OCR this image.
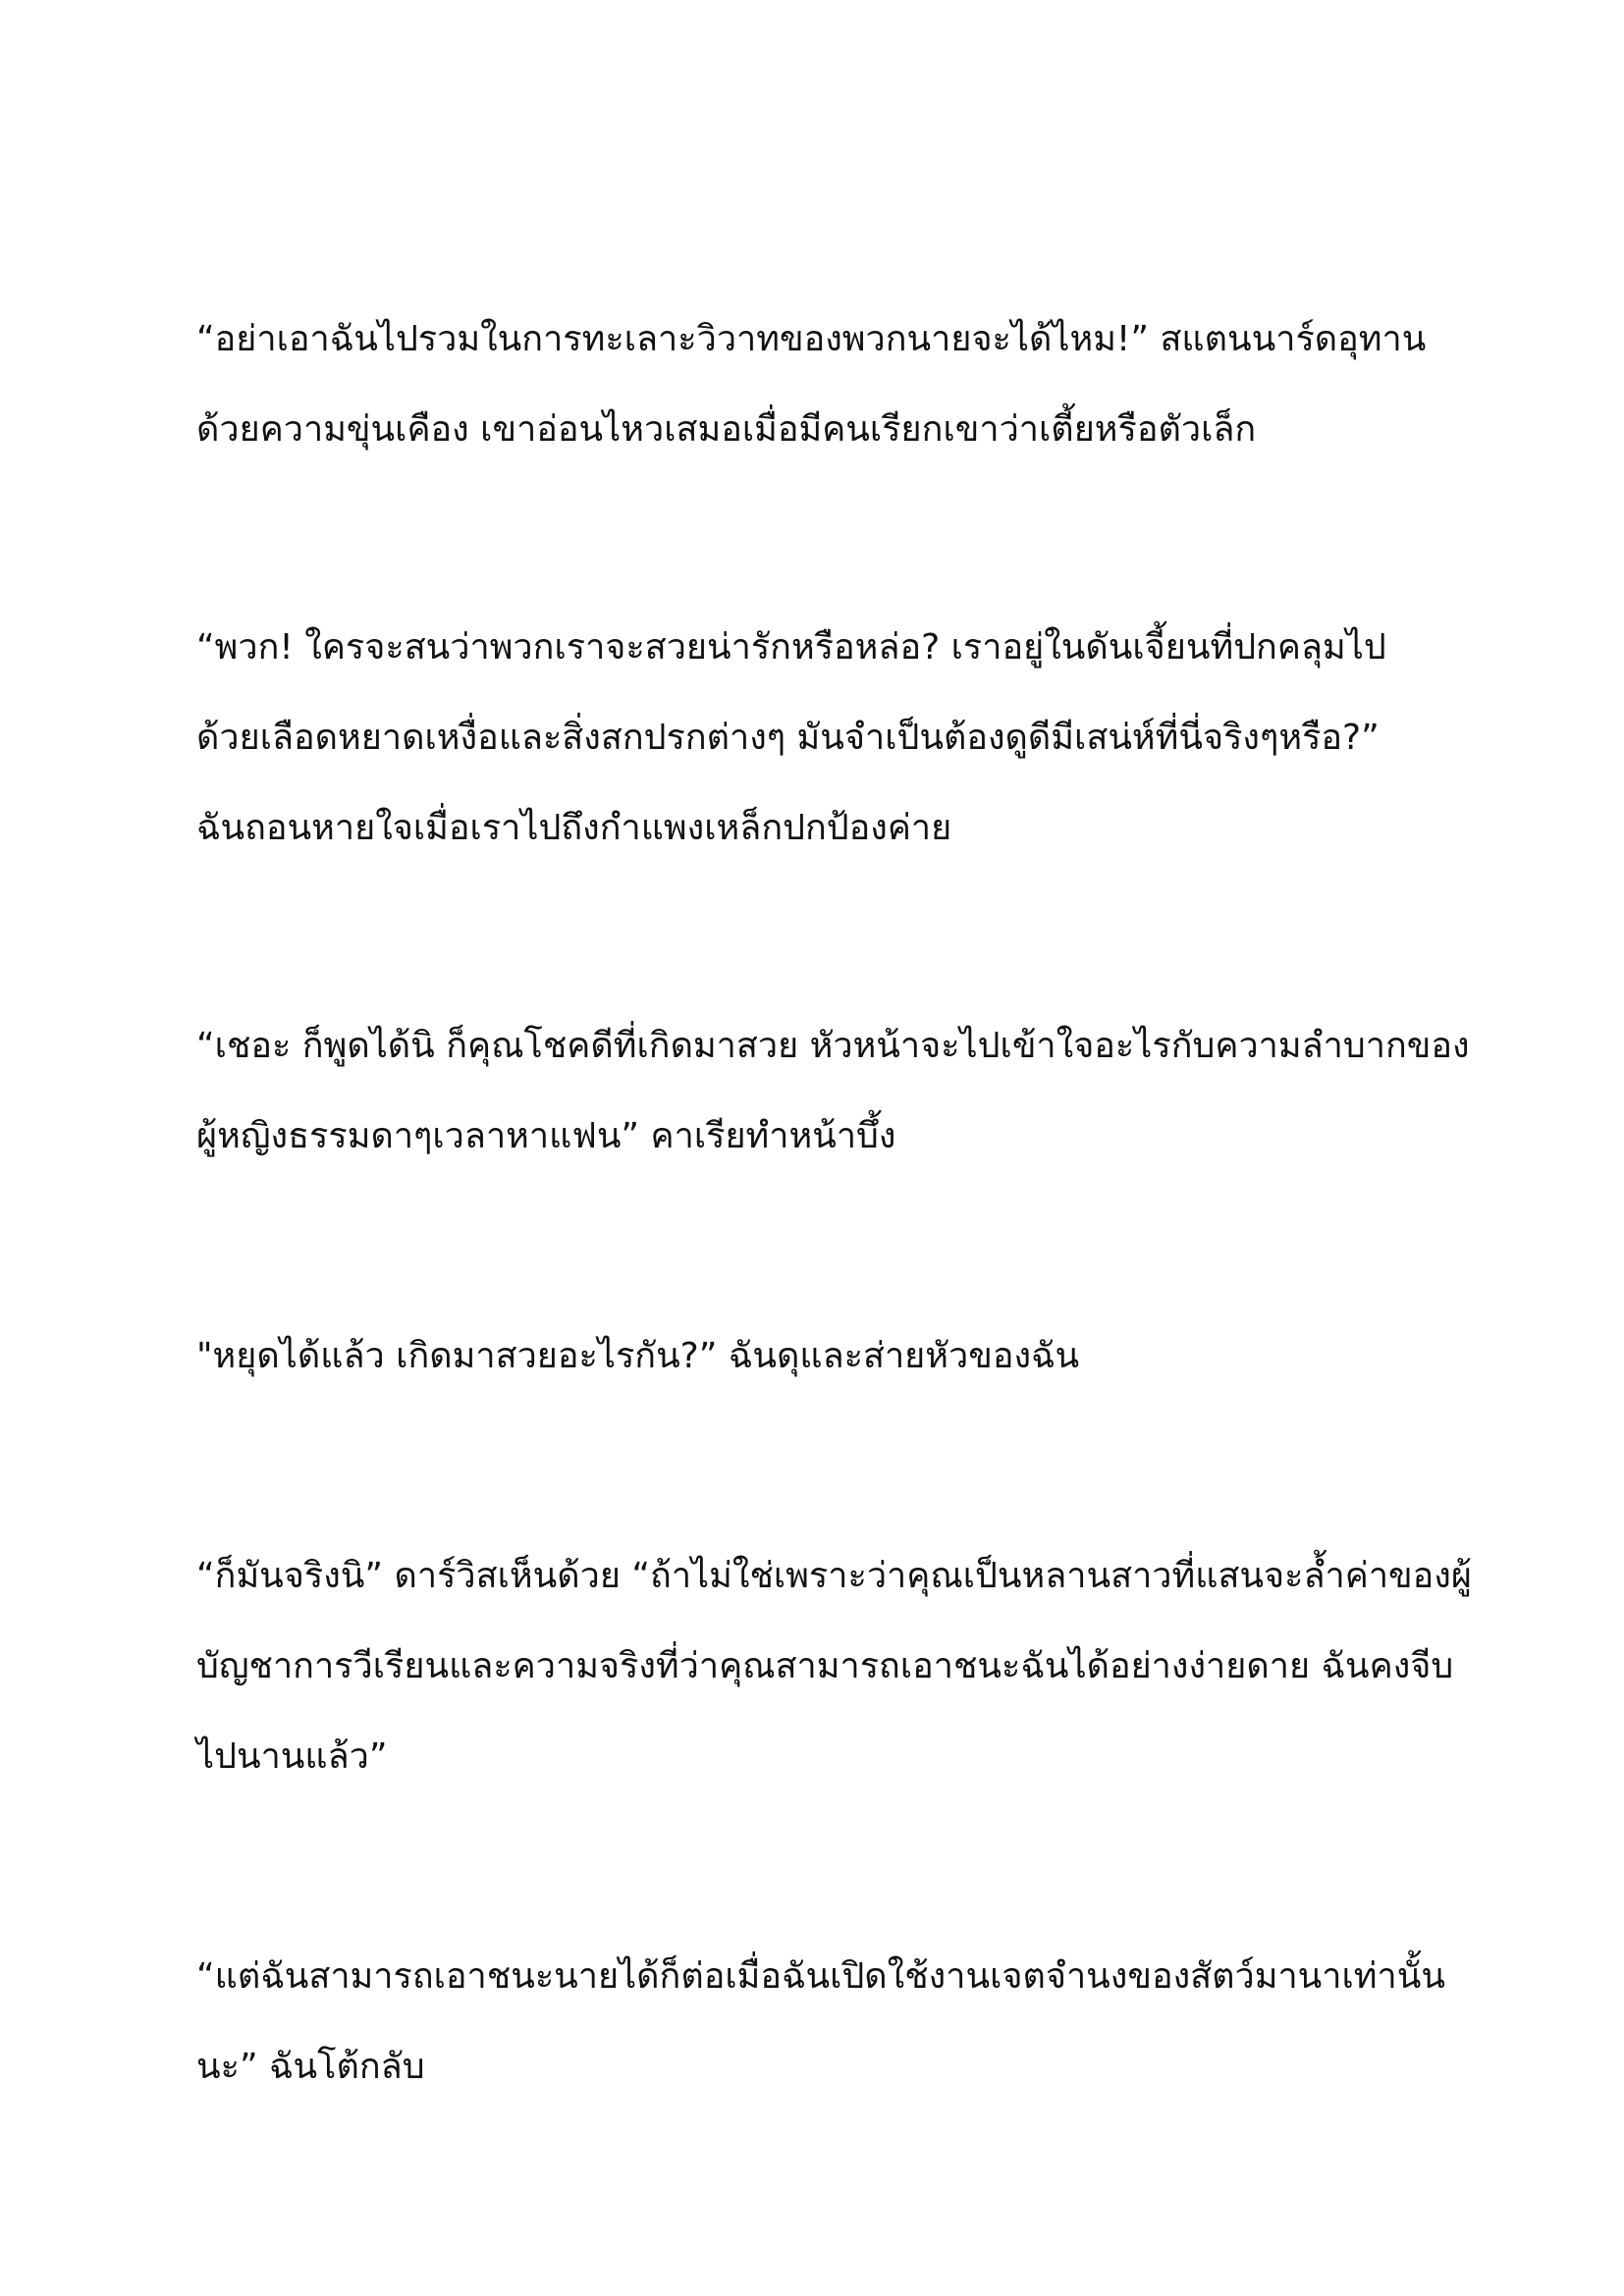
“อย่าเอาฉันไปรวมในการทะเลาะวิวาทของพวกนายจะได้ไหม!” สแตนนาร์ดอุทาน
ด้วยความขุ่นเคือง เขาอ่อนไหวเสมอเมื่อมีคนเรียกเขาว่าเตี้ยหรือตัวเล็ก
“พวก! ใครจะสนว่าพวกเราจะสวยน่ารักหรือหล่อ? เราอยู่ในดันเจี้ยนที่ปกคลุมไป
ด้วยเลือดหยาดเหงื่อและสิ่งสกปรกต่างๆ มันจำเป็นต้องดูดีมีเสน่ห์ที่นี่จริงๆหรือ?”
ฉันถอนหายใจเมื่อเราไปถึงกำแพงเหล็กปกป้องค่าย
“เชอะ ก็พูดได้นิ ก็คุณโชคดีที่เกิดมาสวย หัวหน้าจะไปเข้าใจอะไรกับความลำบากของ
ผู้หญิงธรรมดาๆเวลาหาแฟน” คาเรียทำหน้าบึ้ง
"หยุดได้แล้ว เกิดมาสวยอะไรกัน?” ฉันดุและส่ายหัวของฉัน
“ก็มันจริงนิ” ดาร์วิสเห็นด้วย “ถ้าไม่ใช่เพราะว่าคุณเป็นหลานสาวที่แสนจะล้ำค่าของผู้
บัญชาการวีเรียนและความจริงที่ว่าคุณสามารถเอาชนะฉันได้อย่างง่ายดาย ฉันคงจีบ
ไปนานแล้ว”
“แต่ฉันสามารถเอาชนะนายได้ก็ต่อเมื่อฉันเปิดใช้งานเจตจำนงของสัตว์มานาเท่านั้น
นะ” ฉันโต้กลับ
